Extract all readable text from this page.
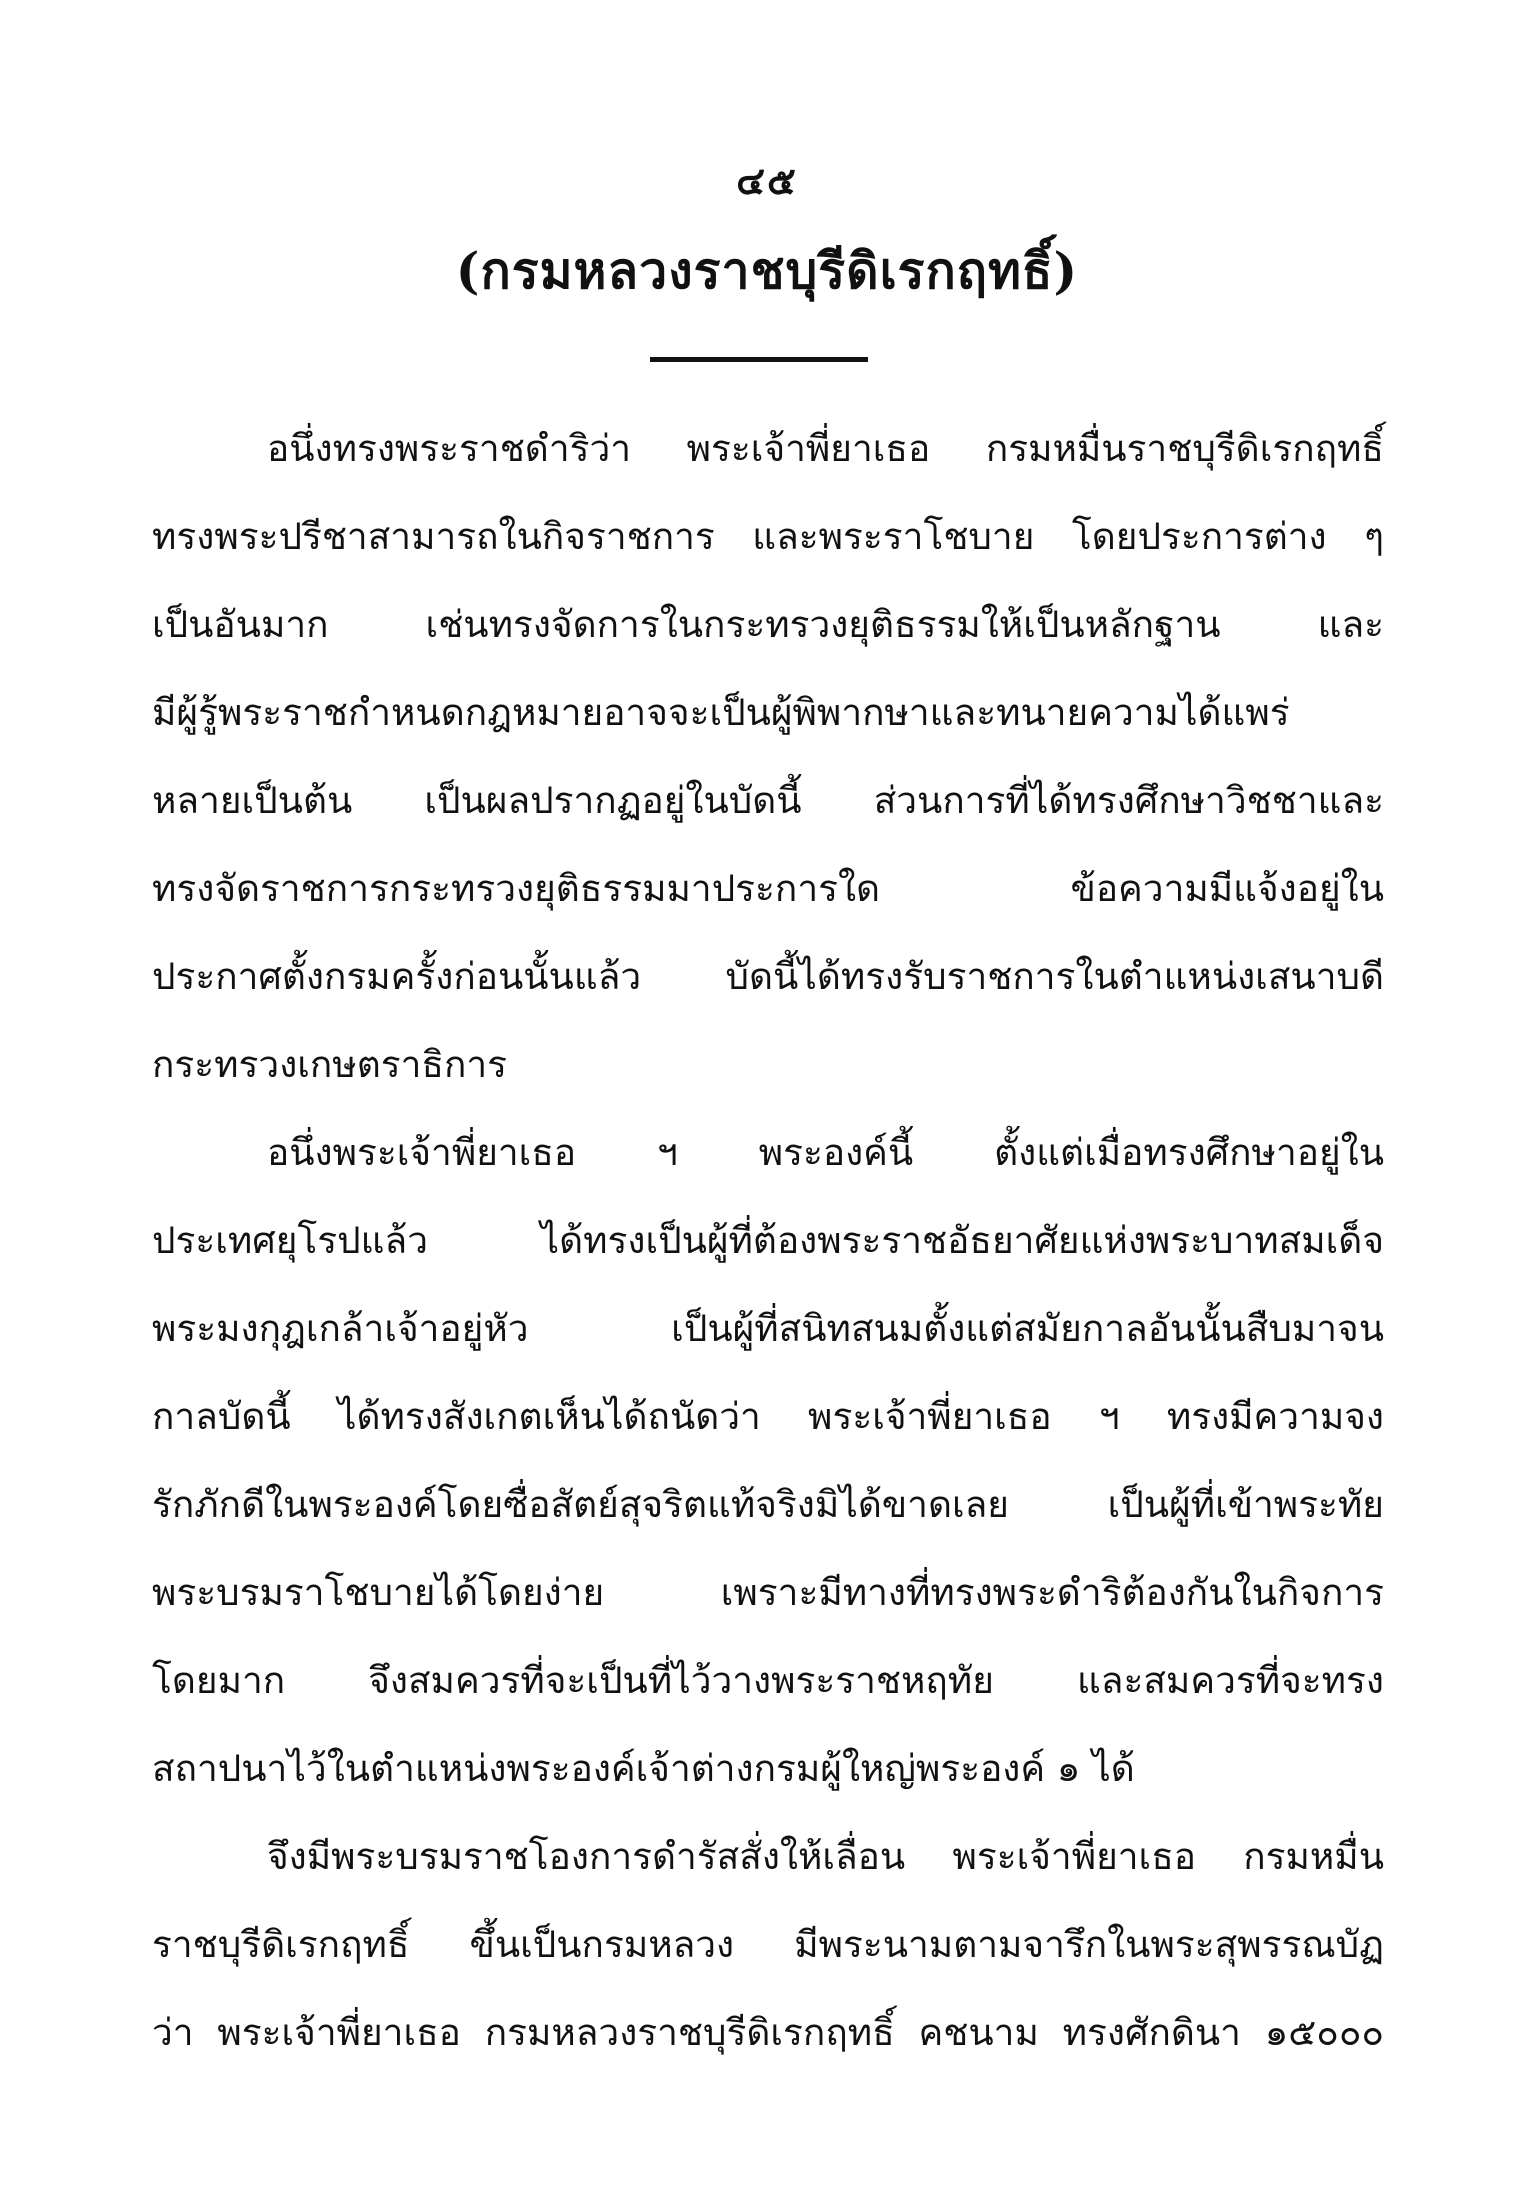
๔๕
(กรมหลวงราชบุรีดิเรกฤทธิ์)
อนึ่งทรงพระราชดำริว่า พระเจ้าพี่ยาเธอ กรมหมื่นราชบุรีดิเรกฤทธิ์
ทรงพระปรีชาสามารถในกิจราชการ และพระราโชบาย โดยประการต่าง ๆ
เป็นอันมาก เช่นทรงจัดการในกระทรวงยุติธรรมให้เป็นหลักฐาน และ
มีผู้รู้พระราชกำหนดกฎหมายอาจจะเป็นผู้พิพากษาและทนายความได้แพร่
หลายเป็นต้น เป็นผลปรากฏอยู่ในบัดนี้ ส่วนการที่ได้ทรงศึกษาวิชชาและ
ทรงจัดราชการกระทรวงยุติธรรมมาประการใด ข้อความมีแจ้งอยู่ใน
ประกาศตั้งกรมครั้งก่อนนั้นแล้ว บัดนี้ได้ทรงรับราชการในตำแหน่งเสนาบดี
กระทรวงเกษตราธิการ
อนึ่งพระเจ้าพี่ยาเธอ ฯ พระองค์นี้ ตั้งแต่เมื่อทรงศึกษาอยู่ใน
ประเทศยุโรปแล้ว ได้ทรงเป็นผู้ที่ต้องพระราชอัธยาศัยแห่งพระบาทสมเด็จ
พระมงกุฎเกล้าเจ้าอยู่หัว เป็นผู้ที่สนิทสนมตั้งแต่สมัยกาลอันนั้นสืบมาจน
กาลบัดนี้ ได้ทรงสังเกตเห็นได้ถนัดว่า พระเจ้าพี่ยาเธอ ฯ ทรงมีความจง
รักภักดีในพระองค์โดยซื่อสัตย์สุจริตแท้จริงมิได้ขาดเลย เป็นผู้ที่เข้าพระทัย
พระบรมราโชบายได้โดยง่าย เพราะมีทางที่ทรงพระดำริต้องกันในกิจการ
โดยมาก จึงสมควรที่จะเป็นที่ไว้วางพระราชหฤทัย และสมควรที่จะทรง
สถาปนาไว้ในตำแหน่งพระองค์เจ้าต่างกรมผู้ใหญ่พระองค์ ๑ ได้
จึงมีพระบรมราชโองการดำรัสสั่งให้เลื่อน พระเจ้าพี่ยาเธอ กรมหมื่น
ราชบุรีดิเรกฤทธิ์ ขึ้นเป็นกรมหลวง มีพระนามตามจารึกในพระสุพรรณบัฏ
ว่า พระเจ้าพี่ยาเธอ กรมหลวงราชบุรีดิเรกฤทธิ์ คชนาม ทรงศักดินา ๑๕๐๐๐
